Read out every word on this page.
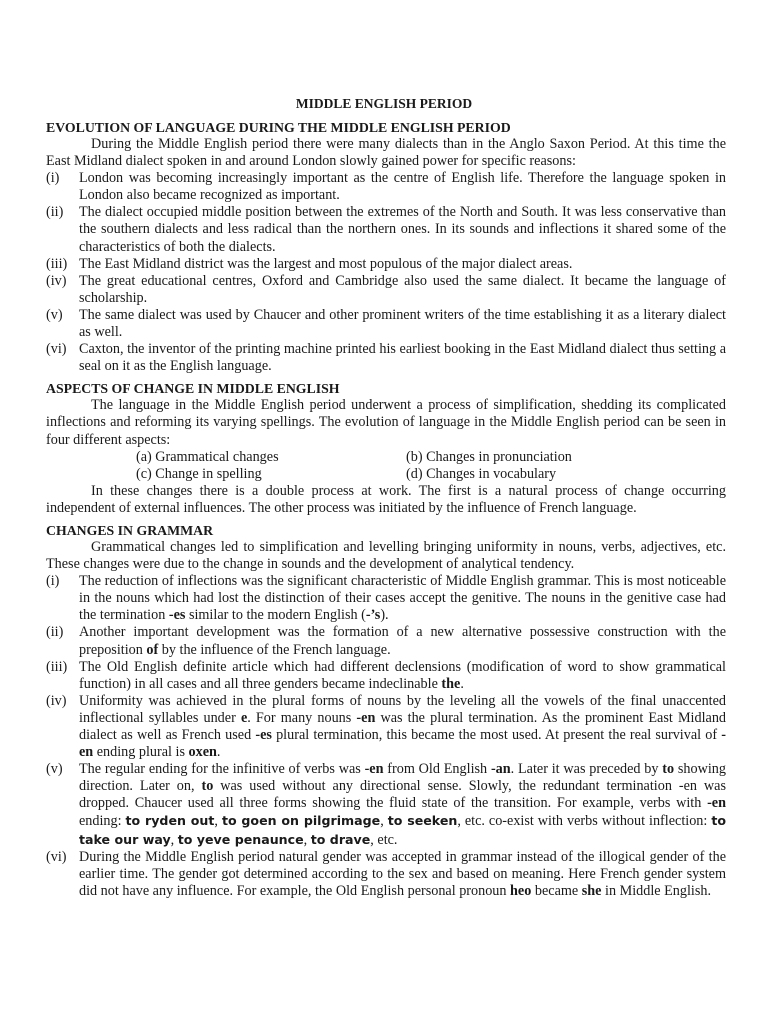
MIDDLE ENGLISH PERIOD
EVOLUTION OF LANGUAGE DURING THE MIDDLE ENGLISH PERIOD

During the Middle English period there were many dialects than in the Anglo Saxon Period. At this time the East Midland dialect spoken in and around London slowly gained power for specific reasons:

(i)	London was becoming increasingly important as the centre of English life. Therefore the language spoken in London also became recognized as important.
(ii)	The dialect occupied middle position between the extremes of the North and South. It was less conservative than the southern dialects and less radical than the northern ones. In its sounds and inflections it shared some of the characteristics of both the dialects.
(iii) The East Midland district was the largest and most populous of the major dialect areas.
(iv) The great educational centres, Oxford and Cambridge also used the same dialect. It became the language of scholarship.
(v)	The same dialect was used by Chaucer and other prominent writers of the time establishing it as a literary dialect as well.
(vi) Caxton, the inventor of the printing machine printed his earliest booking in the East Midland dialect thus setting a seal on it as the English language.
ASPECTS OF CHANGE IN MIDDLE ENGLISH

The language in the Middle English period underwent a process of simplification, shedding its complicated inflections and reforming its varying spellings. The evolution of language in the Middle English period can be seen in four different aspects:

(a) Grammatical changes	(b) Changes in pronunciation
(c) Change in spelling	(d) Changes in vocabulary

In these changes there is a double process at work. The first is a natural process of change occurring independent of external influences. The other process was initiated by the influence of French language.

CHANGES IN GRAMMAR

Grammatical changes led to simplification and levelling bringing uniformity in nouns, verbs, adjectives, etc. These changes were due to the change in sounds and the development of analytical tendency.

(i)	The reduction of inflections was the significant characteristic of Middle English grammar. This is most noticeable in the nouns which had lost the distinction of their cases accept the genitive. The nouns in the genitive case had the termination -es similar to the modern English (-’s).
(ii)	Another important development was the formation of a new alternative possessive construction with the preposition of by the influence of the French language.
(iii) The Old English definite article which had different declensions (modification of word to show grammatical function) in all cases and all three genders became indeclinable the.
(iv) Uniformity was achieved in the plural forms of nouns by the leveling all the vowels of the final unaccented inflectional syllables under e. For many nouns -en was the plural termination. As the prominent East Midland dialect as well as French used -es plural termination, this became the most used. At present the real survival of -en ending plural is oxen.
(v)	The regular ending for the infinitive of verbs was -en from Old English -an. Later it was preceded by to showing direction. Later on, to was used without any directional sense. Slowly, the redundant termination -en was dropped. Chaucer used all three forms showing the fluid state of the transition. For example, verbs with -en ending: to ryden out, to goen on pilgrimage, to seeken, etc. co-exist with verbs without inflection: to take our way, to yeve penaunce, to drave, etc.
(vi) During the Middle English period natural gender was accepted in grammar instead of the illogical gender of the earlier time. The gender got determined according to the sex and based on meaning. Here French gender system did not have any influence. For example, the Old English personal pronoun heo became she in Middle English.
